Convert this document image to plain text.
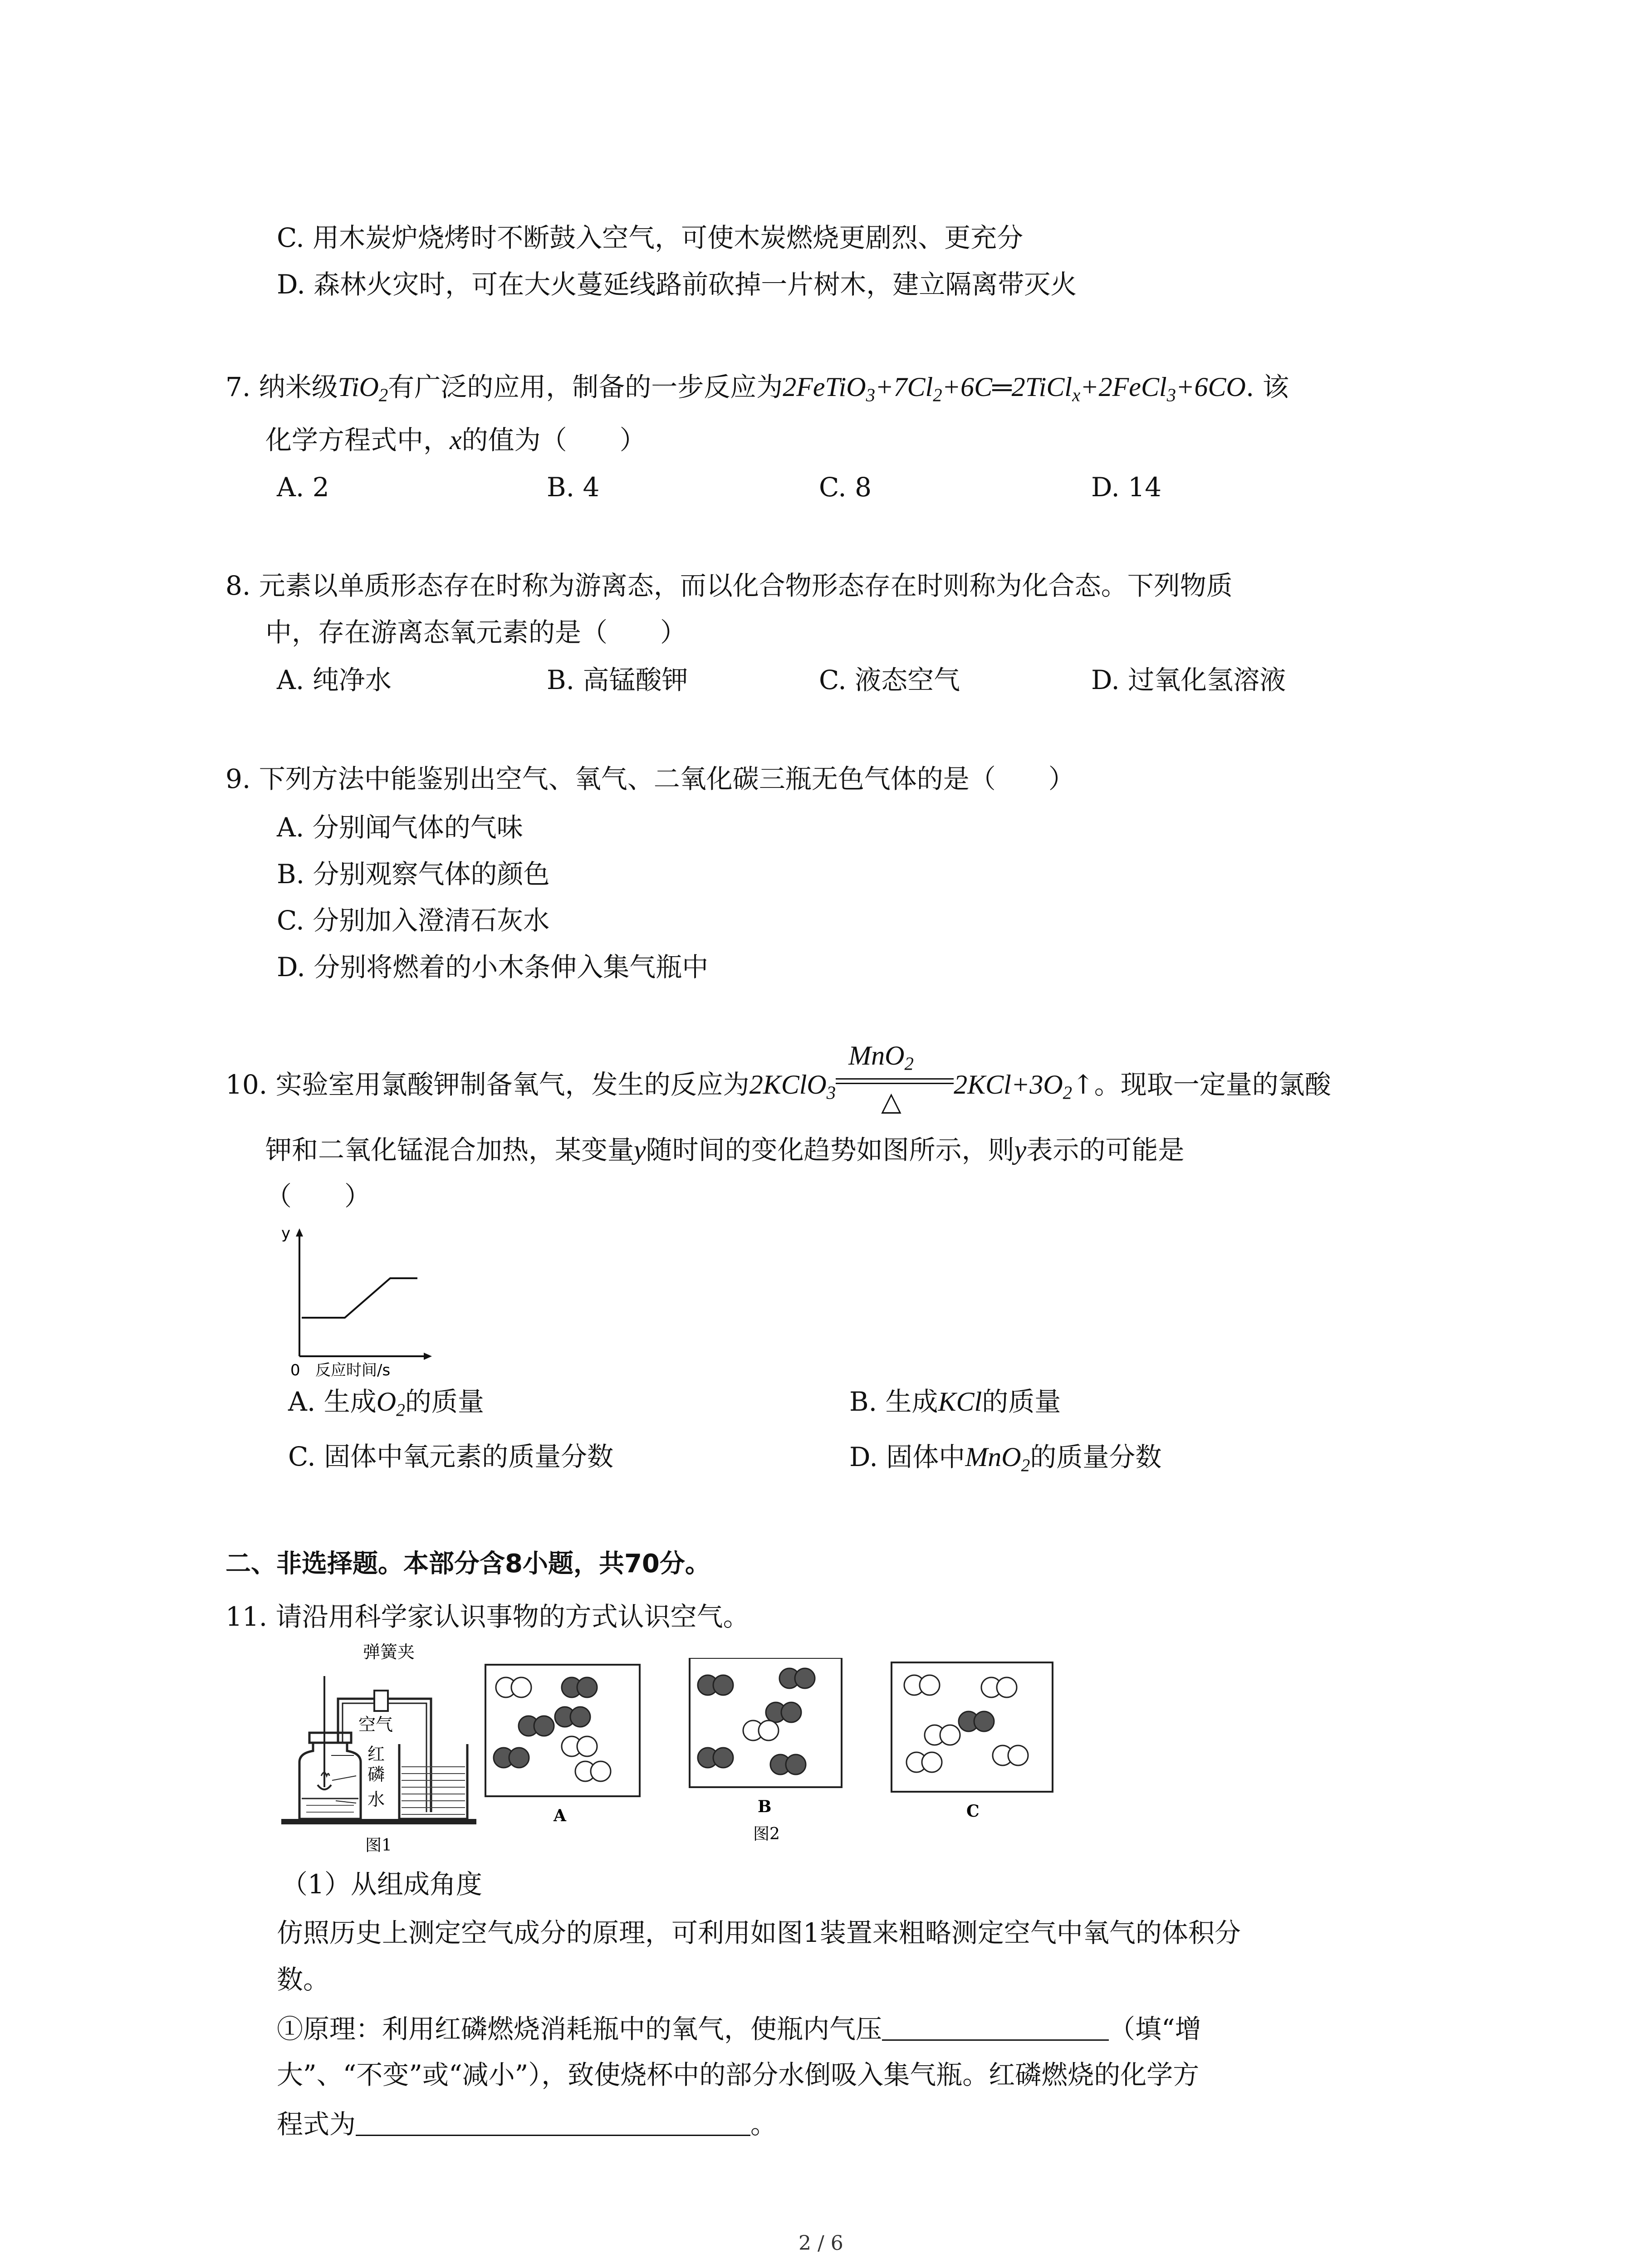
C. 用木炭炉烧烤时不断鼓入空气，可使木炭燃烧更剧烈、更充分
D. 森林火灾时，可在大火蔓延线路前砍掉一片树木，建立隔离带灭火
7. 纳米级TiO$_2$有广泛的应用，制备的一步反应为$2FeTiO_3+7Cl_2+6C═2TiCl_x+2FeCl_3+6CO$. 该
化学方程式中，x的值为（　　）
A. 2	B. 4	C. 8	D. 14
8. 元素以单质形态存在时称为游离态，而以化合物形态存在时则称为化合态。下列物质
中，存在游离态氧元素的是（　　）
A. 纯净水	B. 高锰酸钾	C. 液态空气	D. 过氧化氢溶液
9. 下列方法中能鉴别出空气、氧气、二氧化碳三瓶无色气体的是（　　）
A. 分别闻气体的气味
B. 分别观察气体的颜色
C. 分别加入澄清石灰水
D. 分别将燃着的小木条伸入集气瓶中
10. 实验室用氯酸钾制备氧气，发生的反应为2KClO$_3$
MnO$_2$
△
$2KCl+3O_2↑$。现取一定量的氯酸
钾和二氧化锰混合加热，某变量y随时间的变化趋势如图所示，则y表示的可能是
（　　）
y
0 反应时间/s
A. 生成$O_2$的质量	B. 生成KCl的质量
C. 固体中氧元素的质量分数	D. 固体中MnO$_2$的质量分数
二、非选择题。本部分含8小题，共70分。
11. 请沿用科学家认识事物的方式认识空气。
弹簧夹
空气
红
磷
水
图1
A	B
图2
C
（1）从组成角度
仿照历史上测定空气成分的原理，可利用如图1装置来粗略测定空气中氧气的体积分
数。
①原理：利用红磷燃烧消耗瓶中的氧气，使瓶内气压	（填“增
大”、“不变”或“减小”），致使烧杯中的部分水倒吸入集气瓶。红磷燃烧的化学方
程式为	。
2 / 6
